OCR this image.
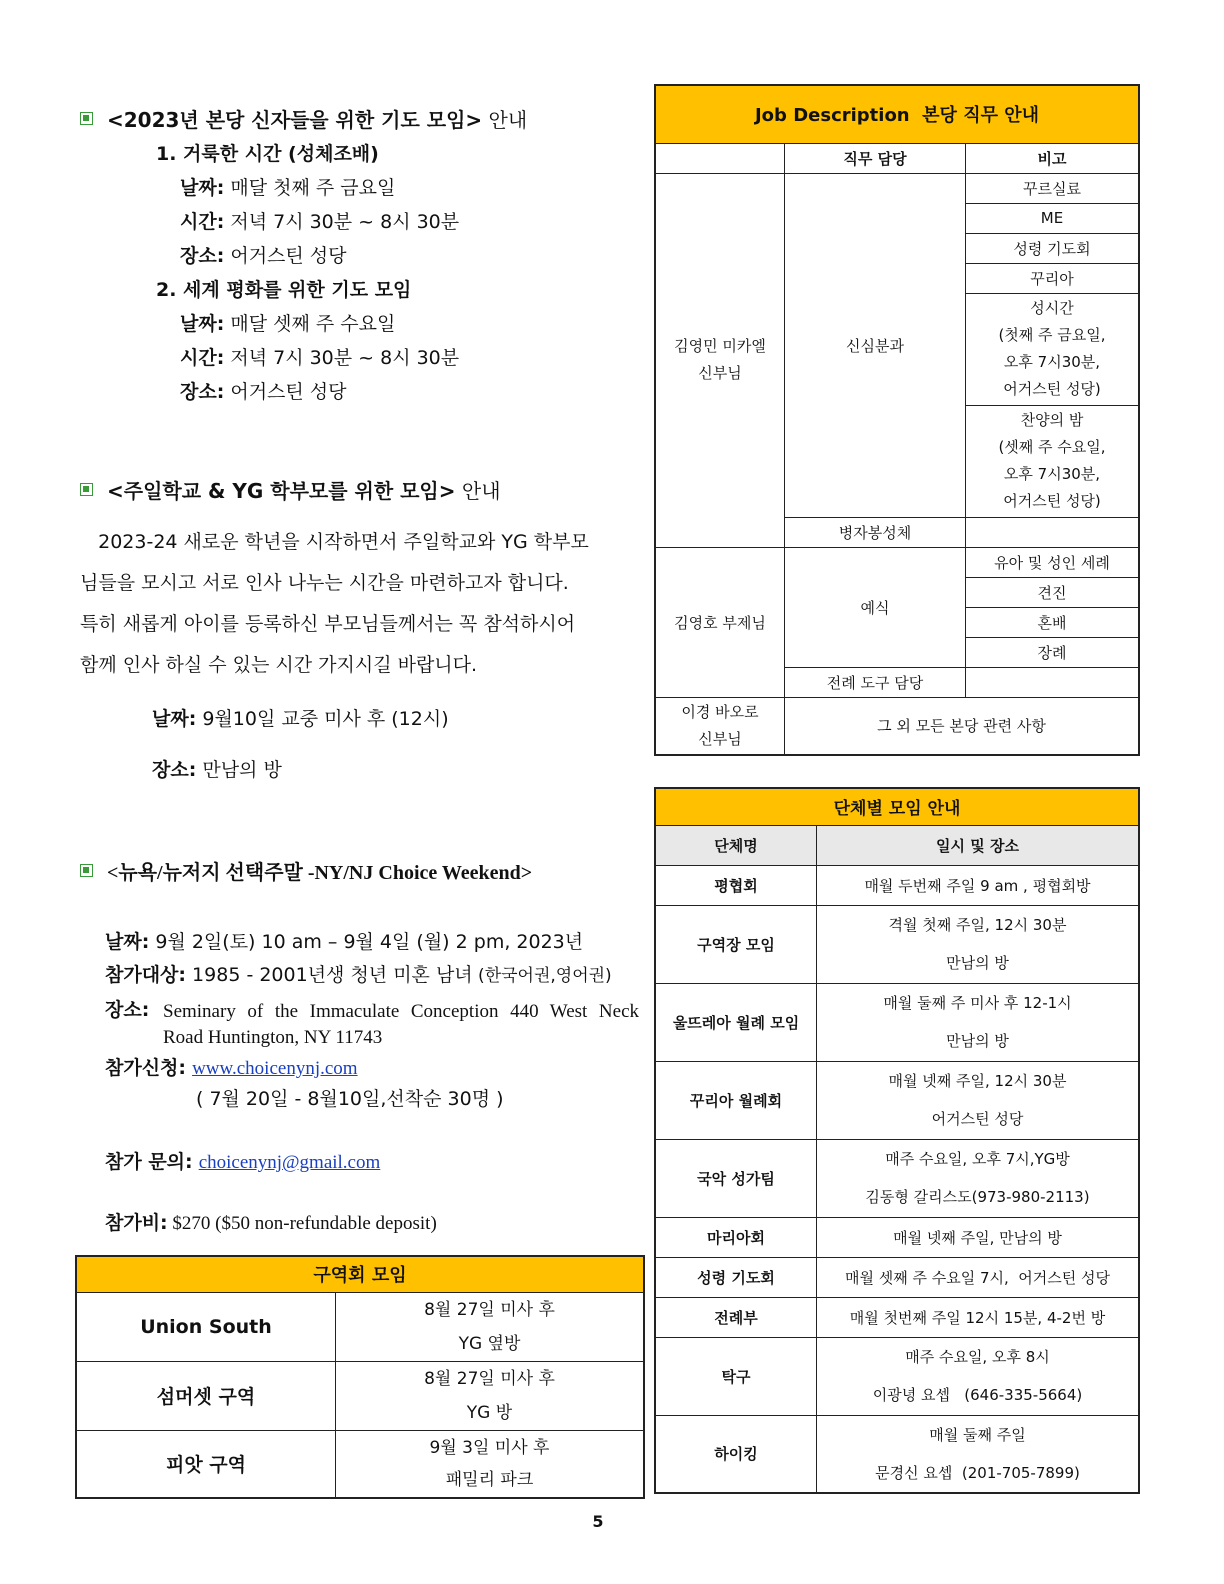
<2023년 본당 신자들을 위한 기도 모임> 안내
1. 거룩한 시간 (성체조배)
날짜: 매달 첫째 주 금요일
시간: 저녁 7시 30분 ~ 8시 30분
장소: 어거스틴 성당
2. 세계 평화를 위한 기도 모임
날짜: 매달 셋째 주 수요일
시간: 저녁 7시 30분 ~ 8시 30분
장소: 어거스틴 성당
<주일학교 & YG 학부모를 위한 모임> 안내
2023-24 새로운 학년을 시작하면서 주일학교와 YG 학부모
님들을 모시고 서로 인사 나누는 시간을 마련하고자 합니다.
특히 새롭게 아이를 등록하신 부모님들께서는 꼭 참석하시어
함께 인사 하실 수 있는 시간 가지시길 바랍니다.
날짜: 9월10일 교중 미사 후 (12시)
장소: 만남의 방
<뉴욕/뉴저지 선택주말 -NY/NJ Choice Weekend>
날짜: 9월 2일(토) 10 am – 9월 4일 (월) 2 pm, 2023년
참가대상: 1985 - 2001년생 청년 미혼 남녀 (한국어권,영어권)
장소: Seminary of the Immaculate Conception 440 West Neck
Road Huntington, NY 11743
참가신청: www.choicenynj.com
( 7월 20일 - 8월10일,선착순 30명 )
참가 문의: choicenynj@gmail.com
참가비: $270 ($50 non-refundable deposit)
구역회 모임	
Union South	8월 27일 미사 후
YG 옆방

섬머셋 구역	8월 27일 미사 후
YG 방

피앗 구역	9월 3일 미사 후
패밀리 파크
Job Description  본당 직무 안내		
	직무 담당	비고
김영민 미카엘
신부님	신심분과	꾸르실료
		ME
		성령 기도회
		꾸리아
		성시간
(첫째 주 금요일,
오후 7시30분,
어거스틴 성당)
		찬양의 밤
(셋째 주 수요일,
오후 7시30분,
어거스틴 성당)
	병자봉성체	
김영호 부제님	예식	유아 및 성인 세례
		견진
		혼배
		장례
	전례 도구 담당	
이경 바오로
신부님	그 외 모든 본당 관련 사항	
단체별 모임 안내	
단체명	일시 및 장소
평협회	매월 두번째 주일 9 am , 평협회방
구역장 모임	격월 첫째 주일, 12시 30분
만남의 방

울뜨레아 월례 모임	매월 둘째 주 미사 후 12-1시
만남의 방

꾸리아 월례회	매월 넷째 주일, 12시 30분
어거스틴 성당

국악 성가팀	매주 수요일, 오후 7시,YG방
김동형 갈리스도(973-980-2113)

마리아회	매월 넷째 주일, 만남의 방
성령 기도회	매월 셋째 주 수요일 7시,  어거스틴 성당
전례부	매월 첫번째 주일 12시 15분, 4-2번 방
탁구	매주 수요일, 오후 8시
이광녕 요셉   (646-335-5664)

하이킹	매월 둘째 주일
문경신 요셉  (201-705-7899)
5
